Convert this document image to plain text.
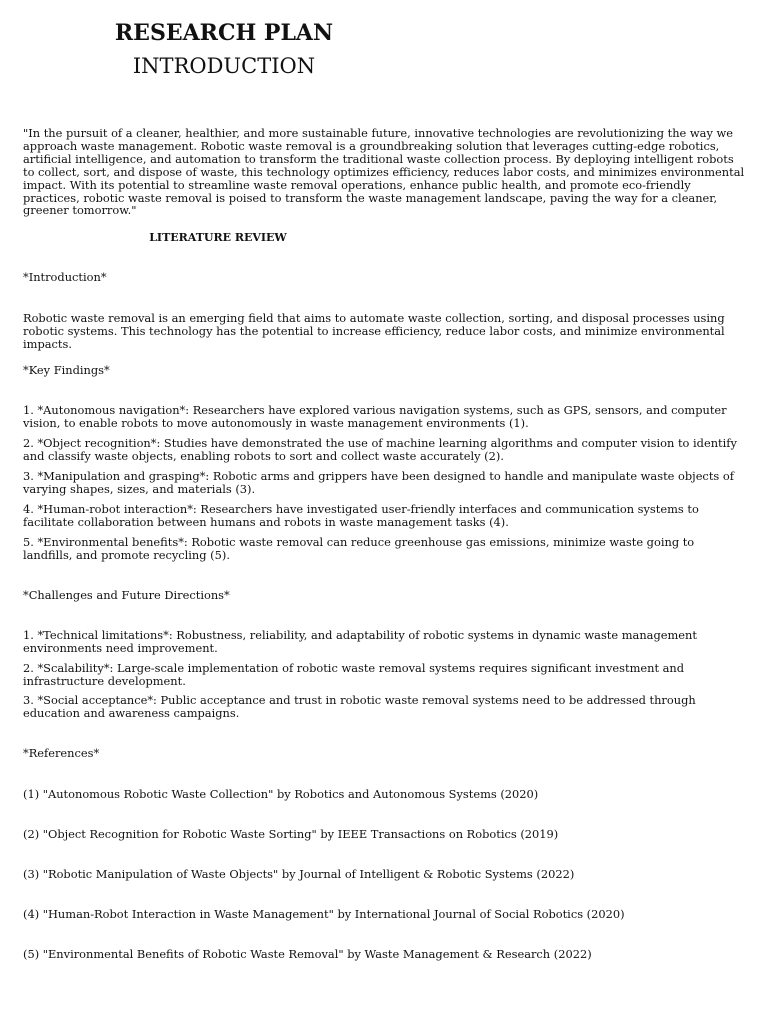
RESEARCH PLAN
INTRODUCTION

"In the pursuit of a cleaner, healthier, and more sustainable future, innovative technologies are revolutionizing the way we approach waste management. Robotic waste removal is a groundbreaking solution that leverages cutting-edge robotics, artificial intelligence, and automation to transform the traditional waste collection process. By deploying intelligent robots to collect, sort, and dispose of waste, this technology optimizes efficiency, reduces labor costs, and minimizes environmental impact. With its potential to streamline waste removal operations, enhance public health, and promote eco-friendly practices, robotic waste removal is poised to transform the waste management landscape, paving the way for a cleaner, greener tomorrow."

LITERATURE REVIEW

*Introduction*

Robotic waste removal is an emerging field that aims to automate waste collection, sorting, and disposal processes using robotic systems. This technology has the potential to increase efficiency, reduce labor costs, and minimize environmental impacts.

*Key Findings*

1. *Autonomous navigation*: Researchers have explored various navigation systems, such as GPS, sensors, and computer vision, to enable robots to move autonomously in waste management environments (1).

2. *Object recognition*: Studies have demonstrated the use of machine learning algorithms and computer vision to identify and classify waste objects, enabling robots to sort and collect waste accurately (2).

3. *Manipulation and grasping*: Robotic arms and grippers have been designed to handle and manipulate waste objects of varying shapes, sizes, and materials (3).

4. *Human-robot interaction*: Researchers have investigated user-friendly interfaces and communication systems to facilitate collaboration between humans and robots in waste management tasks (4).

5. *Environmental benefits*: Robotic waste removal can reduce greenhouse gas emissions, minimize waste going to landfills, and promote recycling (5).

*Challenges and Future Directions*

1. *Technical limitations*: Robustness, reliability, and adaptability of robotic systems in dynamic waste management environments need improvement.

2. *Scalability*: Large-scale implementation of robotic waste removal systems requires significant investment and infrastructure development.

3. *Social acceptance*: Public acceptance and trust in robotic waste removal systems need to be addressed through education and awareness campaigns.

*References*

(1) "Autonomous Robotic Waste Collection" by Robotics and Autonomous Systems (2020)

(2) "Object Recognition for Robotic Waste Sorting" by IEEE Transactions on Robotics (2019)

(3) "Robotic Manipulation of Waste Objects" by Journal of Intelligent & Robotic Systems (2022)

(4) "Human-Robot Interaction in Waste Management" by International Journal of Social Robotics (2020)

(5) "Environmental Benefits of Robotic Waste Removal" by Waste Management & Research (2022)
